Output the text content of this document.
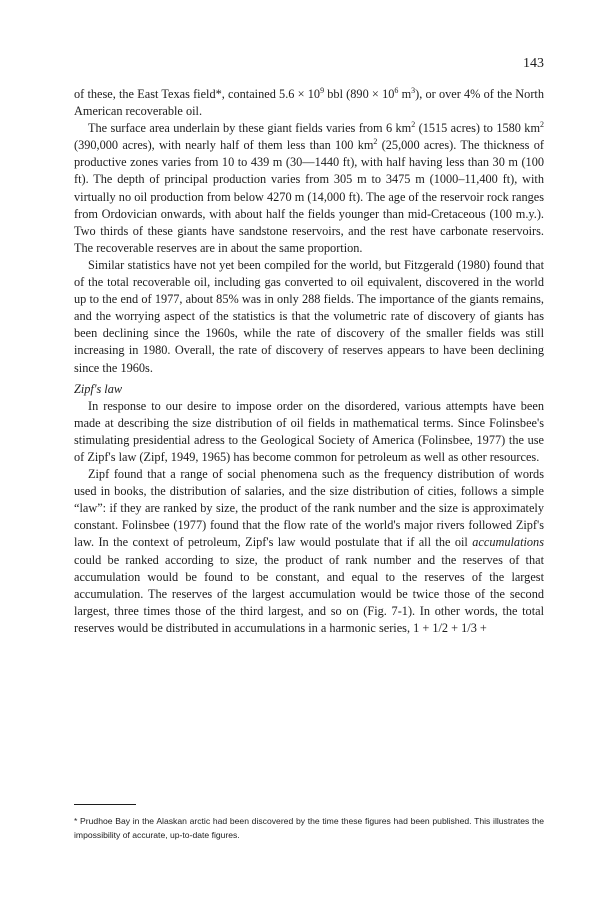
143

of these, the East Texas field*, contained $5.6 \times 10^9$ bbl ($890 \times 10^6$ $m^3$), or over 4% of the North American recoverable oil.

The surface area underlain by these giant fields varies from 6 $km^2$ (1515 acres) to 1580 $km^2$ (390,000 acres), with nearly half of them less than 100 $km^2$ (25,000 acres). The thickness of productive zones varies from 10 to 439 m (30—1440 ft), with half having less than 30 m (100 ft). The depth of principal production varies from 305 m to 3475 m (1000–11,400 ft), with virtually no oil production from below 4270 m (14,000 ft). The age of the reservoir rock ranges from Ordovician onwards, with about half the fields younger than mid-Cretaceous (100 m.y.). Two thirds of these giants have sandstone reservoirs, and the rest have carbonate reservoirs. The recoverable reserves are in about the same proportion.

Similar statistics have not yet been compiled for the world, but Fitzgerald (1980) found that of the total recoverable oil, including gas converted to oil equivalent, discovered in the world up to the end of 1977, about 85% was in only 288 fields. The importance of the giants remains, and the worrying aspect of the statistics is that the volumetric rate of discovery of giants has been declining since the 1960s, while the rate of discovery of the smaller fields was still increasing in 1980. Overall, the rate of discovery of reserves appears to have been declining since the 1960s.

Zipf's law

In response to our desire to impose order on the disordered, various attempts have been made at describing the size distribution of oil fields in mathematical terms. Since Folinsbee's stimulating presidential adress to the Geological Society of America (Folinsbee, 1977) the use of Zipf's law (Zipf, 1949, 1965) has become common for petroleum as well as other resources.

Zipf found that a range of social phenomena such as the frequency distribution of words used in books, the distribution of salaries, and the size distribution of cities, follows a simple “law”: if they are ranked by size, the product of the rank number and the size is approximately constant. Folinsbee (1977) found that the flow rate of the world's major rivers followed Zipf's law. In the context of petroleum, Zipf's law would postulate that if all the oil accumulations could be ranked according to size, the product of rank number and the reserves of that accumulation would be found to be constant, and equal to the reserves of the largest accumulation. The reserves of the largest accumulation would be twice those of the second largest, three times those of the third largest, and so on (Fig. 7-1). In other words, the total reserves would be distributed in accumulations in a harmonic series, 1 + 1/2 + 1/3 +

* Prudhoe Bay in the Alaskan arctic had been discovered by the time these figures had been published. This illustrates the impossibility of accurate, up-to-date figures.
